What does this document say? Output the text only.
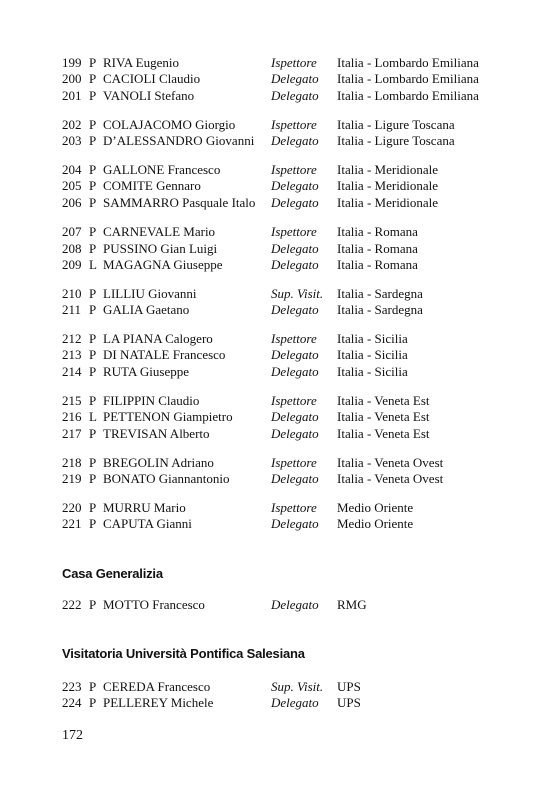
199 P RIVA Eugenio	Ispettore Italia - Lombardo Emiliana
200 P CACIOLI Claudio	Delegato Italia - Lombardo Emiliana
201 P VANOLI Stefano	Delegato Italia - Lombardo Emiliana
202 P COLAJACOMO Giorgio	Ispettore Italia - Ligure Toscana
203 P D’ALESSANDRO Giovanni Delegato Italia - Ligure Toscana
204 P GALLONE Francesco	Ispettore Italia - Meridionale
205 P COMITE Gennaro	Delegato Italia - Meridionale
206 P SAMMARRO Pasquale Italo Delegato Italia - Meridionale
207 P CARNEVALE Mario	Ispettore Italia - Romana
208 P PUSSINO Gian Luigi	Delegato Italia - Romana
209 L MAGAGNA Giuseppe	Delegato Italia - Romana
210 P LILLIU Giovanni	Sup. Visit. Italia - Sardegna
211 P GALIA Gaetano	Delegato Italia - Sardegna
212 P LA PIANA Calogero	Ispettore Italia - Sicilia
213 P DI NATALE Francesco	Delegato Italia - Sicilia
214 P RUTA Giuseppe	Delegato Italia - Sicilia
215 P FILIPPIN Claudio	Ispettore Italia - Veneta Est
216 L PETTENON Giampietro	Delegato Italia - Veneta Est
217 P TREVISAN Alberto	Delegato Italia - Veneta Est
218 P BREGOLIN Adriano	Ispettore Italia - Veneta Ovest
219 P BONATO Giannantonio	Delegato Italia - Veneta Ovest
220 P MURRU Mario	Ispettore Medio Oriente
221 P CAPUTA Gianni	Delegato Medio Oriente
Casa Generalizia
222 P MOTTO Francesco	Delegato RMG
Visitatoria Università Pontifica Salesiana
223 P CEREDA Francesco	Sup. Visit. UPS
224 P PELLEREY Michele	Delegato UPS
172
